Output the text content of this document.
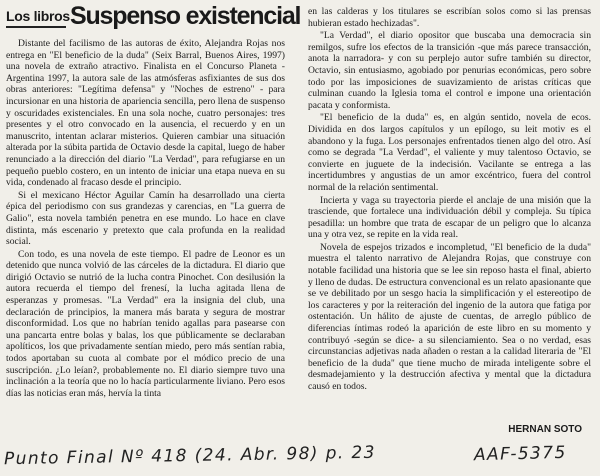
Los libros Suspenso existencial

Distante del facilismo de las autoras de éxito, Alejandra Rojas nos entrega en "El beneficio de la duda" (Seix Barral, Buenos Aires, 1997) una novela de extraño atractivo. Finalista en el Concurso Planeta -Argentina 1997, la autora sale de las atmósferas asfixiantes de sus dos obras anteriores: "Legítima defensa" y "Noches de estreno" - para incursionar en una historia de apariencia sencilla, pero llena de suspenso y oscuridades existenciales. En una sola noche, cuatro personajes: tres presentes y el otro convocado en la ausencia, el recuerdo y en un manuscrito, intentan aclarar misterios. Quieren cambiar una situación alterada por la súbita partida de Octavio desde la capital, luego de haber renunciado a la dirección del diario "La Verdad", para refugiarse en un pequeño pueblo costero, en un intento de iniciar una etapa nueva en su vida, condenado al fracaso desde el principio.

Si el mexicano Héctor Aguilar Camín ha desarrollado una cierta épica del periodismo con sus grandezas y carencias, en "La guerra de Galio", esta novela también penetra en ese mundo. Lo hace en clave distinta, más escenario y pretexto que cala profunda en la realidad social.

Con todo, es una novela de este tiempo. El padre de Leonor es un detenido que nunca volvió de las cárceles de la dictadura. El diario que dirigió Octavio se nutrió de la lucha contra Pinochet. Con desilusión la autora recuerda el tiempo del frenesí, la lucha agitada llena de esperanzas y promesas. "La Verdad" era la insignia del club, una declaración de principios, la manera más barata y segura de mostrar disconformidad. Los que no habrían tenido agallas para pasearse con una pancarta entre bolas y balas, los que públicamente se declaraban apolíticos, los que privadamente sentían miedo, pero más sentían rabia, todos aportaban su cuota al combate por el módico precio de una suscripción. ¿Lo leían?, probablemente no. El diario siempre tuvo una inclinación a la teoría que no lo hacía particularmente liviano. Pero esos días las noticias eran más, hervía la tinta

en las calderas y los titulares se escribían solos como si las prensas hubieran estado hechizadas".

"La Verdad", el diario opositor que buscaba una democracia sin remilgos, sufre los efectos de la transición -que más parece transacción, anota la narradora- y con su perplejo autor sufre también su director, Octavio, sin entusiasmo, agobiado por penurias económicas, pero sobre todo por las imposiciones de suavizamiento de aristas críticas que culminan cuando la Iglesia toma el control e impone una orientación pacata y conformista.

"El beneficio de la duda" es, en algún sentido, novela de ecos. Dividida en dos largos capítulos y un epílogo, su leit motiv es el abandono y la fuga. Los personajes enfrentados tienen algo del otro. Así como se degrada "La Verdad", el valiente y muy talentoso Octavio, se convierte en juguete de la indecisión. Vacilante se entrega a las incertidumbres y angustias de un amor excéntrico, fuera del control normal de la relación sentimental.

Incierta y vaga su trayectoria pierde el anclaje de una misión que la trasciende, que fortalece una individuación débil y compleja. Su típica pesadilla: un hombre que trata de escapar de un peligro que lo alcanza una y otra vez, se repite en la vida real.

Novela de espejos trizados e incompletud, "El beneficio de la duda" muestra el talento narrativo de Alejandra Rojas, que construye con notable facilidad una historia que se lee sin reposo hasta el final, abierto y lleno de dudas. De estructura convencional es un relato apasionante que se ve debilitado por un sesgo hacia la simplificación y el estereotipo de los caracteres y por la reiteración del ingenio de la autora que fatiga por ostentación. Un hálito de ajuste de cuentas, de arreglo público de diferencias íntimas rodeó la aparición de este libro en su momento y contribuyó -según se dice- a su silenciamiento. Sea o no verdad, esas circunstancias adjetivas nada añaden o restan a la calidad literaria de "El beneficio de la duda" que tiene mucho de mirada inteligente sobre el desmadejamiento y la destrucción afectiva y mental que la dictadura causó en todos.

HERNAN SOTO
Punto Final Nº 418 (24. Abr. 98) p. 23	AAF-5375
